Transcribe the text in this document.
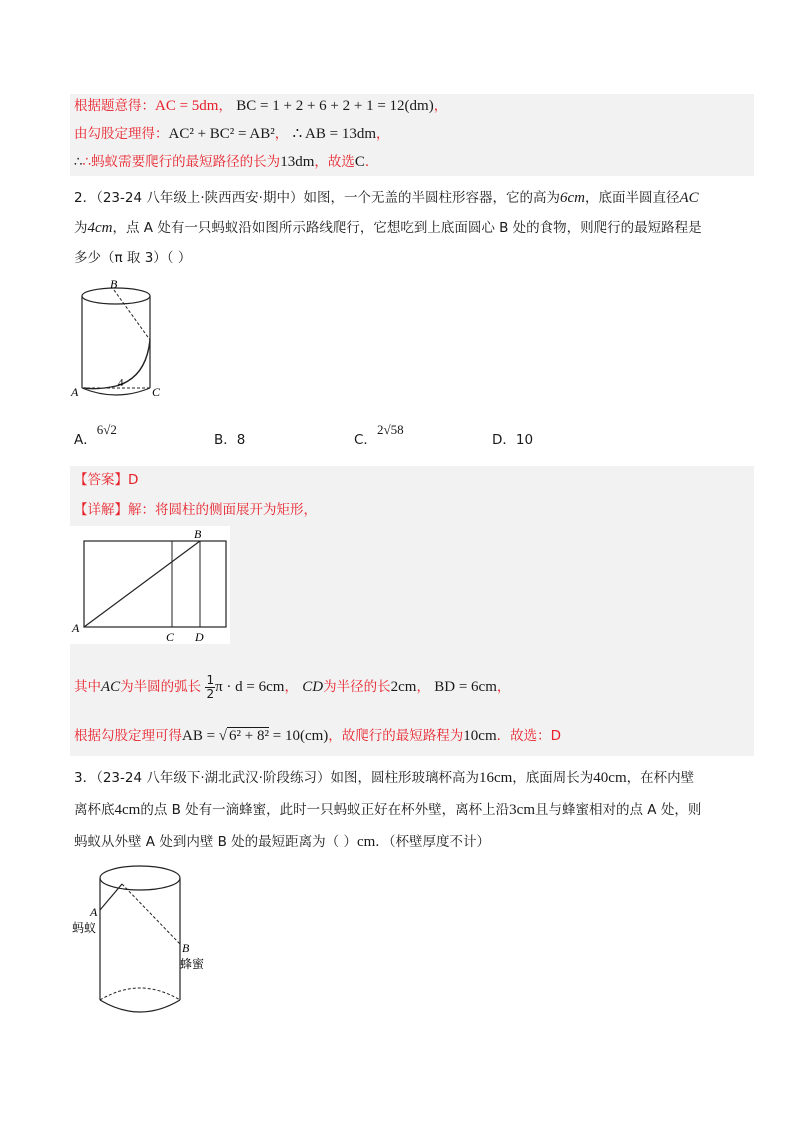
根据题意得：AC = 5dm， BC = 1 + 2 + 6 + 2 + 1 = 12(dm)，
由勾股定理得：AC² + BC² = AB²， ∴ AB = 13dm，
∴∴蚂蚁需要爬行的最短路径的长为13dm，故选C.
2．（23-24 八年级上·陕西西安·期中）如图，一个无盖的半圆柱形容器，它的高为6cm，底面半圆直径AC
为4cm，点 A 处有一只蚂蚁沿如图所示路线爬行，它想吃到上底面圆心 B 处的食物，则爬行的最短路程是
多少（π 取 3）（ ）
B
A	C
4
A．6√2
B．8	C．2√58
D．10
【答案】D
【详解】解：将圆柱的侧面展开为矩形，
B
A
C D
其中AC为半圆的弧长 $\frac{1}{2}$ π · d = 6cm， CD为半径的长2cm， BD = 6cm，
根据勾股定理可得AB = √ 6² + 8² = 10(cm)，故爬行的最短路程为10cm．故选：D
3．（23-24 八年级下·湖北武汉·阶段练习）如图，圆柱形玻璃杯高为16cm，底面周长为40cm，在杯内壁
离杯底4cm的点 B 处有一滴蜂蜜，此时一只蚂蚁正好在杯外壁，离杯上沿3cm且与蜂蜜相对的点 A 处，则
蚂蚁从外壁 A 处到内壁 B 处的最短距离为（ ）cm．（杯壁厚度不计）
A
蚂蚁
B
蜂蜜
